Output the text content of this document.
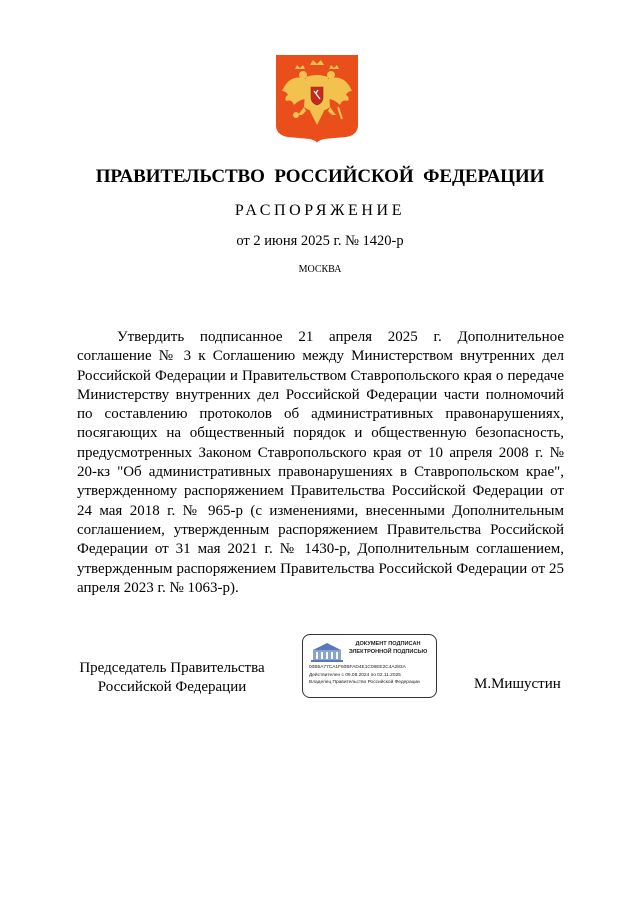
ПРАВИТЕЛЬСТВО РОССИЙСКОЙ ФЕДЕРАЦИИ
РАСПОРЯЖЕНИЕ
от 2 июня 2025 г. № 1420-р
МОСКВА

Утвердить подписанное 21 апреля 2025 г. Дополнительное соглашение № 3 к Соглашению между Министерством внутренних дел Российской Федерации и Правительством Ставропольского края о передаче Министерству внутренних дел Российской Федерации части полномочий по составлению протоколов об административных правонарушениях, посягающих на общественный порядок и общественную безопасность, предусмотренных Законом Ставропольского края от 10 апреля 2008 г. № 20-кз "Об административных правонарушениях в Ставропольском крае", утвержденному распоряжением Правительства Российской Федерации от 24 мая 2018 г. № 965-р (с изменениями, внесенными Дополнительным соглашением, утвержденным распоряжением Правительства Российской Федерации от 31 мая 2021 г. № 1430-р, Дополнительным соглашением, утвержденным распоряжением Правительства Российской Федерации от 25 апреля 2023 г. № 1063-р).

Председатель Правительства Российской Федерации
ДОКУМЕНТ ПОДПИСАН ЭЛЕКТРОННОЙ ПОДПИСЬЮ
00B5A77CA1F60BFAD4E1C08EE2C4A283A
Действителен с 09.08.2024 по 02.11.2025
Владелец Правительство Российской Федерации	М.Мишустин
